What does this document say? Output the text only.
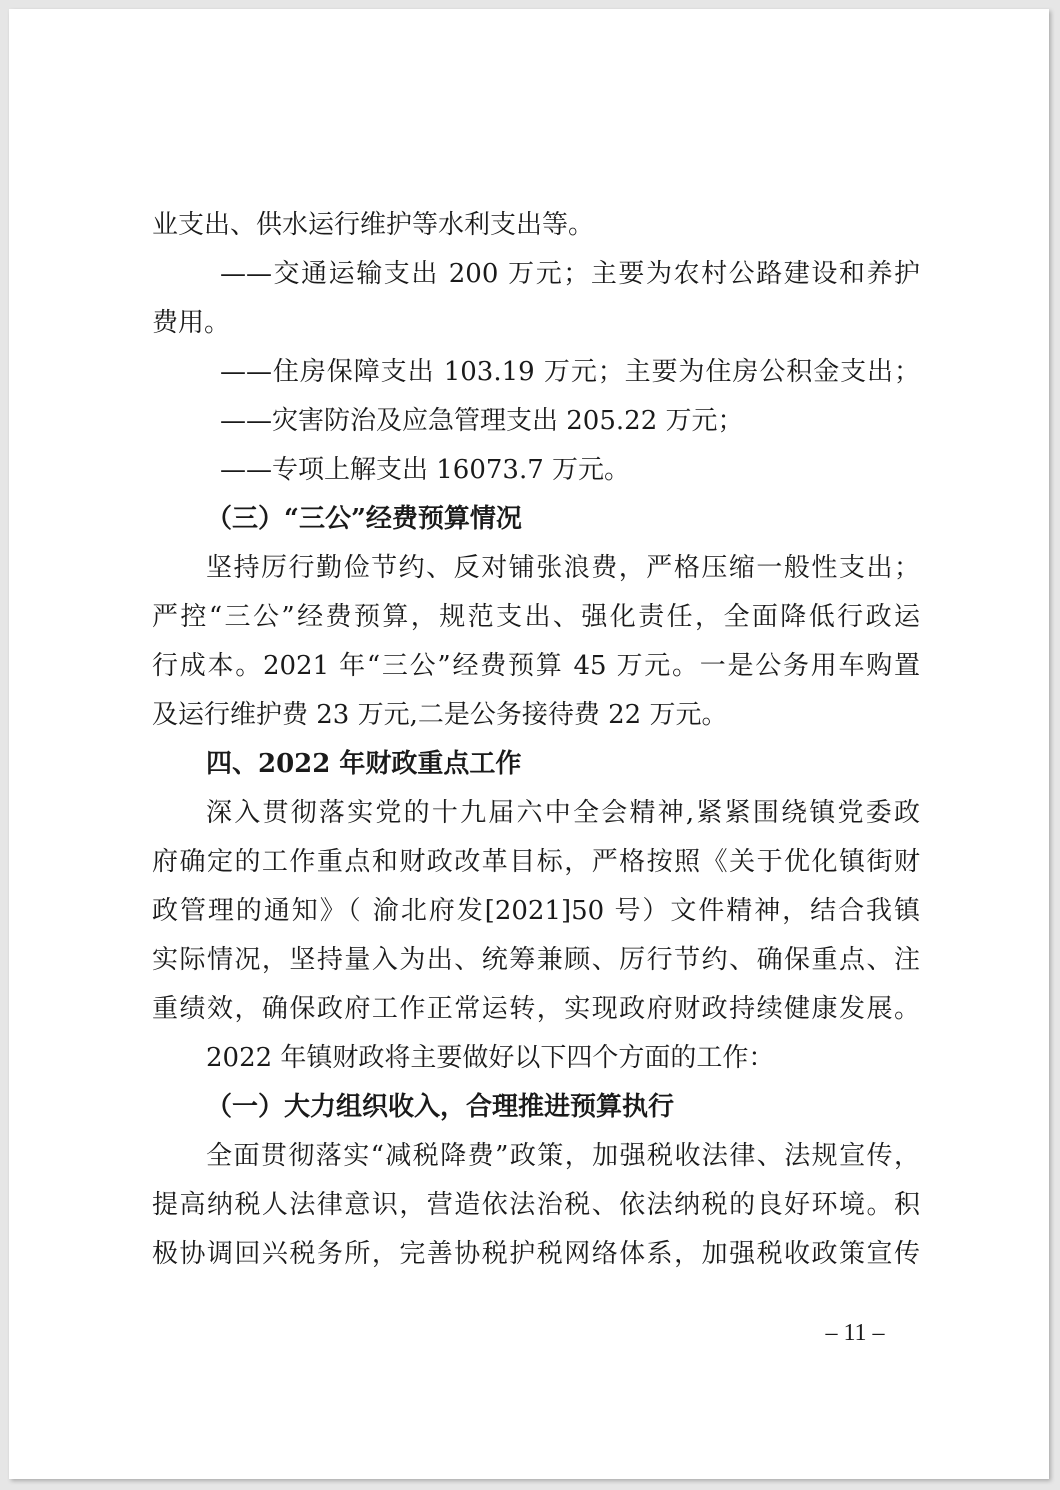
业支出、供水运行维护等水利支出等。
——交通运输支出 200 万元；主要为农村公路建设和养护
费用。
——住房保障支出 103.19 万元；主要为住房公积金支出；
——灾害防治及应急管理支出 205.22 万元；
——专项上解支出 16073.7 万元。
（三）“三公”经费预算情况
坚持厉行勤俭节约、反对铺张浪费，严格压缩一般性支出；
严控“三公”经费预算，规范支出、强化责任，全面降低行政运
行成本。2021 年“三公”经费预算 45 万元。一是公务用车购置
及运行维护费 23 万元,二是公务接待费 22 万元。
四、2022 年财政重点工作
深入贯彻落实党的十九届六中全会精神,紧紧围绕镇党委政
府确定的工作重点和财政改革目标，严格按照《关于优化镇街财
政管理的通知》（ 渝北府发[2021]50 号）文件精神，结合我镇
实际情况，坚持量入为出、统筹兼顾、厉行节约、确保重点、注
重绩效，确保政府工作正常运转，实现政府财政持续健康发展。
2022 年镇财政将主要做好以下四个方面的工作：
（一）大力组织收入，合理推进预算执行
全面贯彻落实“减税降费”政策，加强税收法律、法规宣传，
提高纳税人法律意识，营造依法治税、依法纳税的良好环境。积
极协调回兴税务所，完善协税护税网络体系，加强税收政策宣传
– 11 –
